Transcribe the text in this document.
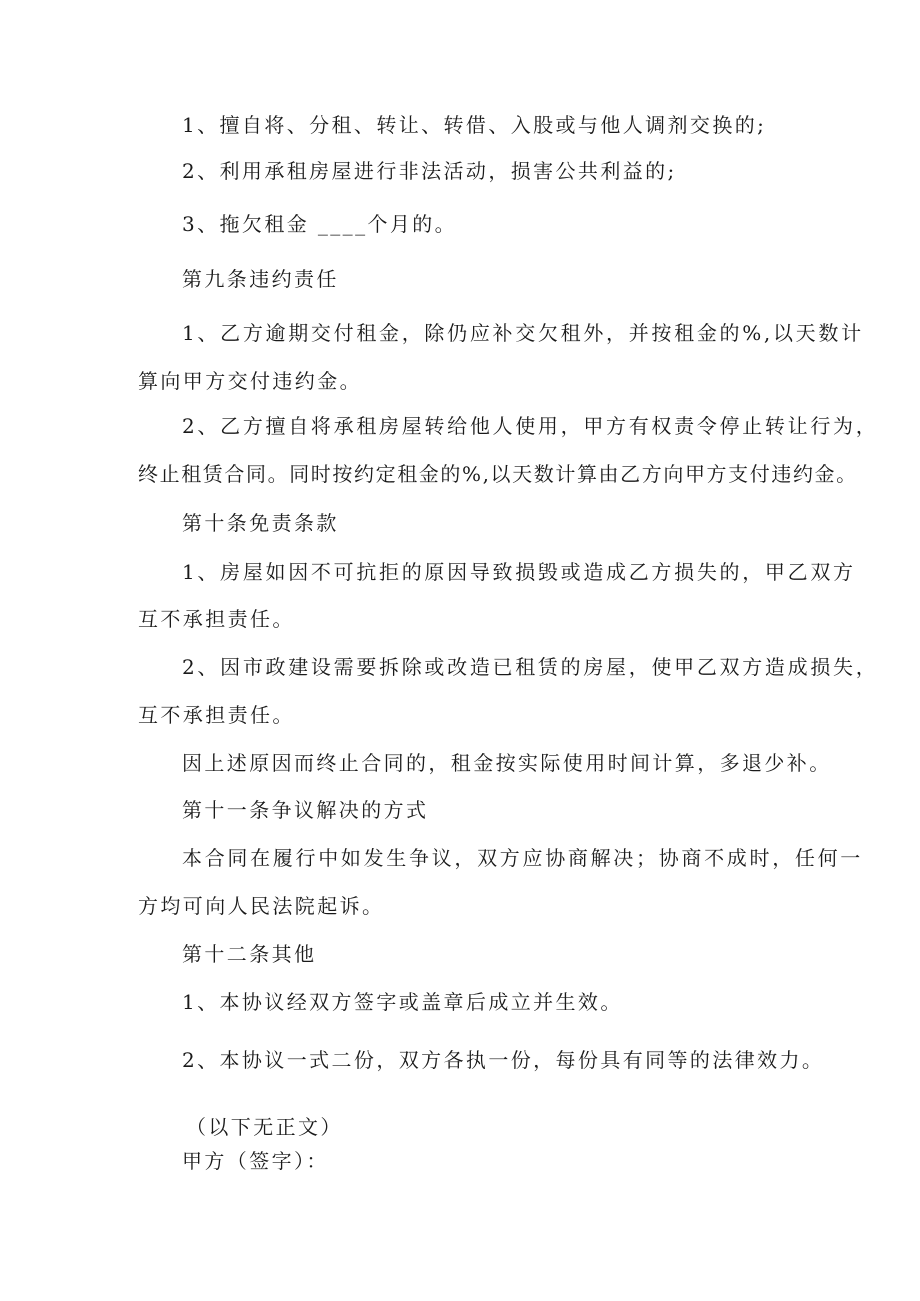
1、擅自将、分租、转让、转借、入股或与他人调剂交换的;

2、利用承租房屋进行非法活动，损害公共利益的;

3、拖欠租金 ____个月的。

第九条违约责任

1、乙方逾期交付租金，除仍应补交欠租外，并按租金的%,以天数计

算向甲方交付违约金。

2、乙方擅自将承租房屋转给他人使用，甲方有权责令停止转让行为，

终止租赁合同。同时按约定租金的%,以天数计算由乙方向甲方支付违约金。

第十条免责条款

1、房屋如因不可抗拒的原因导致损毁或造成乙方损失的，甲乙双方

互不承担责任。

2、因市政建设需要拆除或改造已租赁的房屋，使甲乙双方造成损失，

互不承担责任。

因上述原因而终止合同的，租金按实际使用时间计算，多退少补。

第十一条争议解决的方式

本合同在履行中如发生争议，双方应协商解决；协商不成时，任何一

方均可向人民法院起诉。

第十二条其他

1、本协议经双方签字或盖章后成立并生效。

2、本协议一式二份，双方各执一份，每份具有同等的法律效力。

（以下无正文）

甲方（签字）：
